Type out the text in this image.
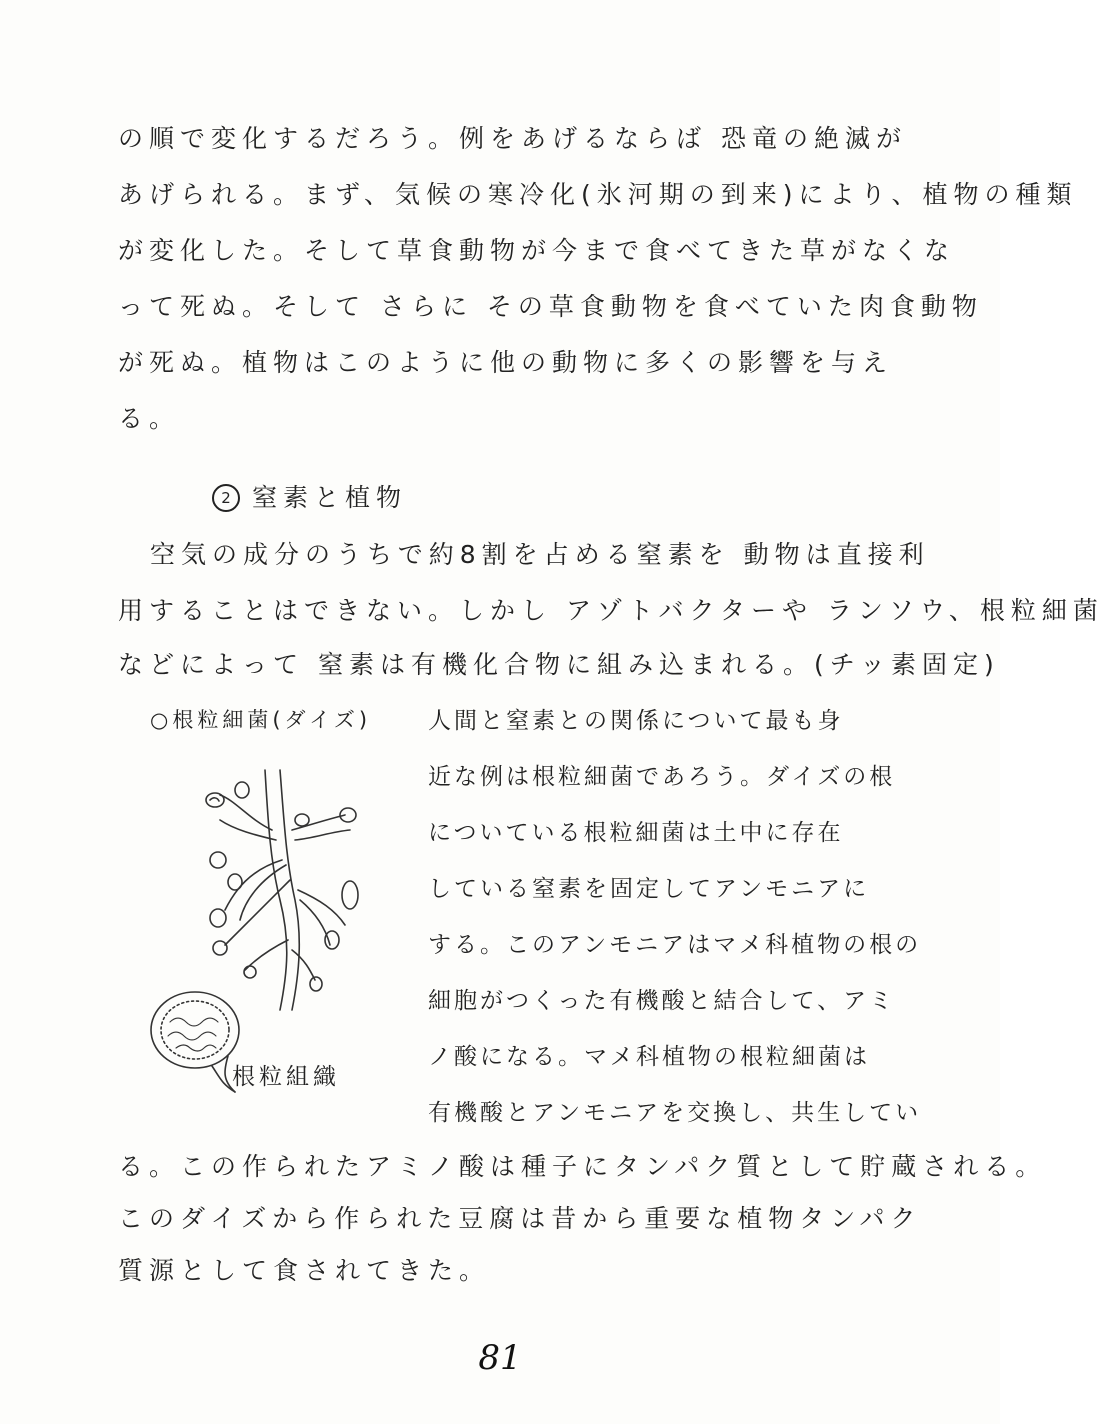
の順で変化するだろう。例をあげるならば 恐竜の絶滅が
あげられる。まず、気候の寒冷化(氷河期の到来)により、植物の種類
が変化した。そして草食動物が今まで食べてきた草がなくな
って死ぬ。そして さらに その草食動物を食べていた肉食動物
が死ぬ。植物はこのように他の動物に多くの影響を与え
る。
2 窒素と植物
空気の成分のうちで約8割を占める窒素を 動物は直接利
用することはできない。しかし アゾトバクターや ランソウ、根粒細菌
などによって 窒素は有機化合物に組み込まれる。(チッ素固定)
○根粒細菌(ダイズ) 人間と窒素との関係について最も身
近な例は根粒細菌であろう。ダイズの根
についている根粒細菌は土中に存在
している窒素を固定してアンモニアに
する。このアンモニアはマメ科植物の根の
細胞がつくった有機酸と結合して、アミ
ノ酸になる。マメ科植物の根粒細菌は
有機酸とアンモニアを交換し、共生してい
根粒組織
る。この作られたアミノ酸は種子にタンパク質として貯蔵される。
このダイズから作られた豆腐は昔から重要な植物タンパク
質源として食されてきた。
81
